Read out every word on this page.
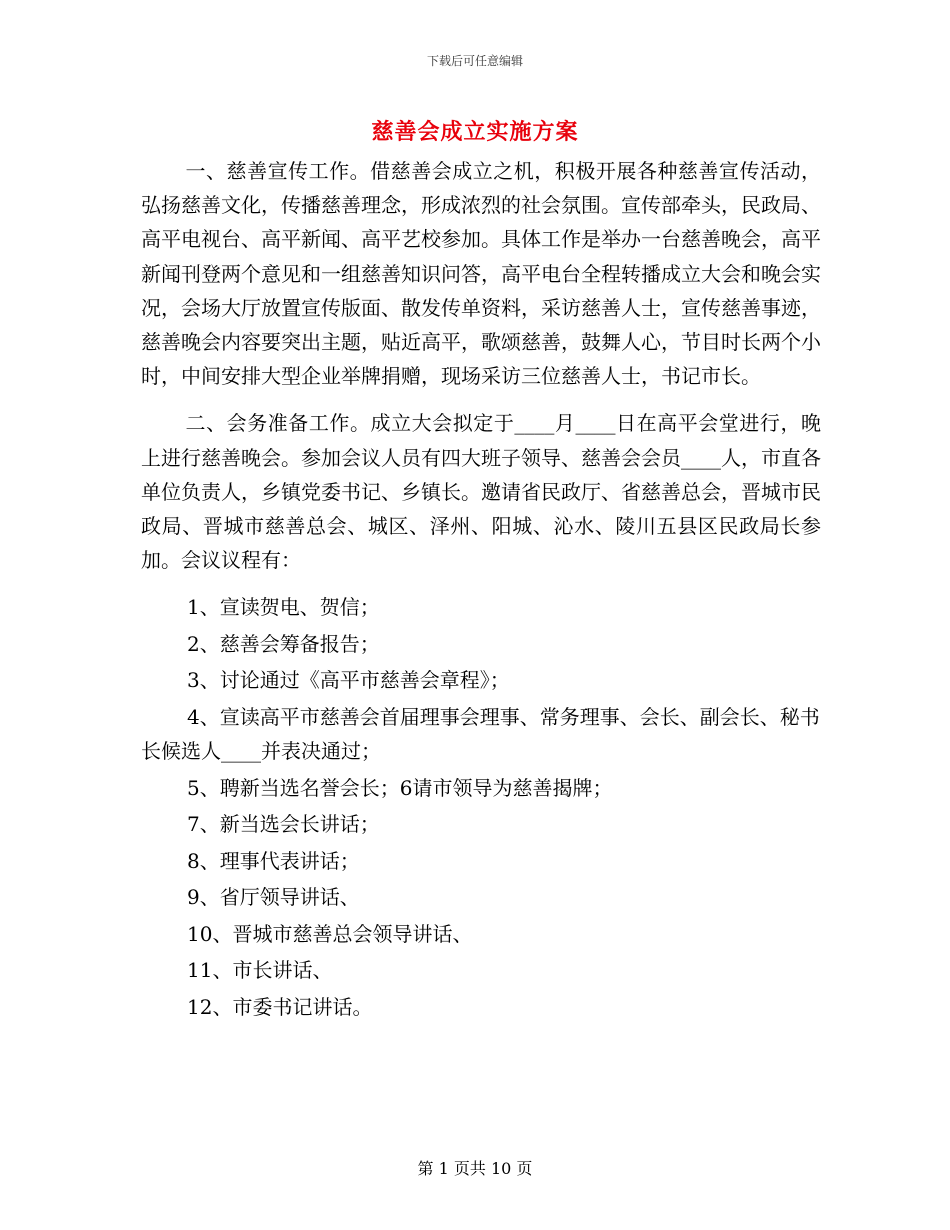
下载后可任意编辑
慈善会成立实施方案

一、慈善宣传工作。借慈善会成立之机，积极开展各种慈善宣传活动，弘扬慈善文化，传播慈善理念，形成浓烈的社会氛围。宣传部牵头，民政局、高平电视台、高平新闻、高平艺校参加。具体工作是举办一台慈善晚会，高平新闻刊登两个意见和一组慈善知识问答，高平电台全程转播成立大会和晚会实况，会场大厅放置宣传版面、散发传单资料，采访慈善人士，宣传慈善事迹，慈善晚会内容要突出主题，贴近高平，歌颂慈善，鼓舞人心，节目时长两个小时，中间安排大型企业举牌捐赠，现场采访三位慈善人士，书记市长。

二、会务准备工作。成立大会拟定于____月____日在高平会堂进行，晚上进行慈善晚会。参加会议人员有四大班子领导、慈善会会员____人，市直各单位负责人，乡镇党委书记、乡镇长。邀请省民政厅、省慈善总会，晋城市民政局、晋城市慈善总会、城区、泽州、阳城、沁水、陵川五县区民政局长参加。会议议程有：

1、宣读贺电、贺信；
2、慈善会筹备报告；
3、讨论通过《高平市慈善会章程》；
4、宣读高平市慈善会首届理事会理事、常务理事、会长、副会长、秘书长候选人____并表决通过；
5、聘新当选名誉会长；6请市领导为慈善揭牌；
7、新当选会长讲话；
8、理事代表讲话；
9、省厅领导讲话、
10、晋城市慈善总会领导讲话、
11、市长讲话、
12、市委书记讲话。
第 1 页共 10 页
